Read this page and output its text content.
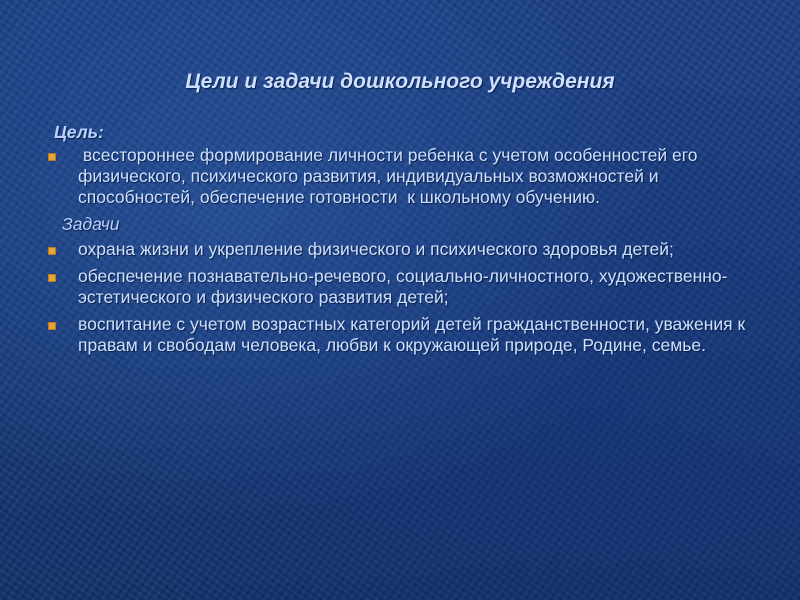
Цели и задачи дошкольного учреждения
Цель:
всестороннее формирование личности ребенка с учетом особенностей его физического, психического развития, индивидуальных возможностей и способностей, обеспечение готовности  к школьному обучению.
Задачи
охрана жизни и укрепление физического и психического здоровья детей;
обеспечение познавательно-речевого, социально-личностного, художественно-эстетического и физического развития детей;
воспитание с учетом возрастных категорий детей гражданственности, уважения к правам и свободам человека, любви к окружающей природе, Родине, семье.
